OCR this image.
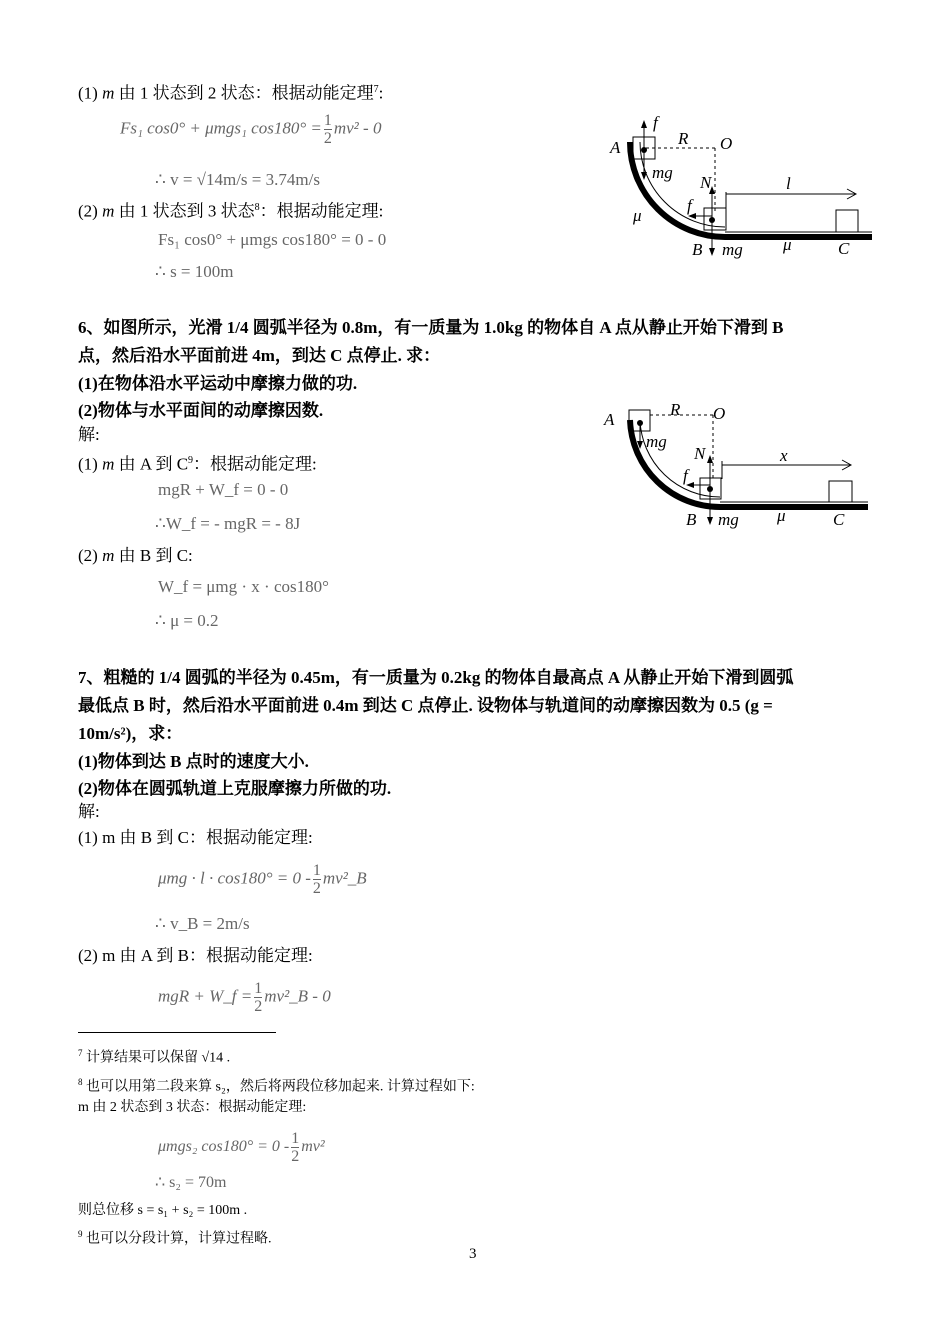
(1) m 由 1 状态到 2 状态：根据动能定理$^7$:
Fs₁ cos0° + μmgs₁ $\cos 180^\circ = \frac{1}{2} mv^2 - 0$
∴ v = √14m/s = 3.74m/s
(2) m 由 1 状态到 3 状态$^8$：根据动能定理:
Fs₁ cos0° + μmgs cos180° = 0 - 0
∴ s = 100m
A
f
R O
mg
N	l
μ
f
B mg μ	C
6、如图所示，光滑 1/4 圆弧半径为 0.8m，有一质量为 1.0kg 的物体自 A 点从静止开始下滑到 B
点，然后沿水平面前进 4m，到达 C 点停止. 求：
(1)在物体沿水平运动中摩擦力做的功.
(2)物体与水平面间的动摩擦因数.
解:
(1) m 由 A 到 $C^9$：根据动能定理:
mgR + W_f = 0 - 0
∴W_f = - mgR = - 8J
(2) m 由 B 到 C:
W_f = μmg · x · cos180°
∴ μ = 0.2
A
R O
mg
N	x
f
B mg μ	C
7、粗糙的 1/4 圆弧的半径为 0.45m，有一质量为 0.2kg 的物体自最高点 A 从静止开始下滑到圆弧
最低点 B 时，然后沿水平面前进 0.4m 到达 C 点停止. 设物体与轨道间的动摩擦因数为 0.5 (g =
10m/s²)，求：
(1)物体到达 B 点时的速度大小.
(2)物体在圆弧轨道上克服摩擦力所做的功.
解:
(1) m 由 B 到 C：根据动能定理:
$\mu mg \cdot l \cdot \cos 180^\circ = 0 - \frac{1}{2}$ mv²_B
∴ v_B = 2m/s
(2) m 由 A 到 B：根据动能定理:
mgR + W_f = $\frac{1}{2}$ mv²_B - 0
$^7$ 计算结果可以保留 √14 .
$^8$ 也可以用第二段来算 s₂，然后将两段位移加起来. 计算过程如下:
m 由 2 状态到 3 状态：根据动能定理:
μmgs₂ $\cos 180^\circ = 0 - \frac{1}{2} mv^2$
∴ s₂ = 70m
则总位移 s = s₁ + s₂ = 100m .
$^9$ 也可以分段计算，计算过程略.
3
